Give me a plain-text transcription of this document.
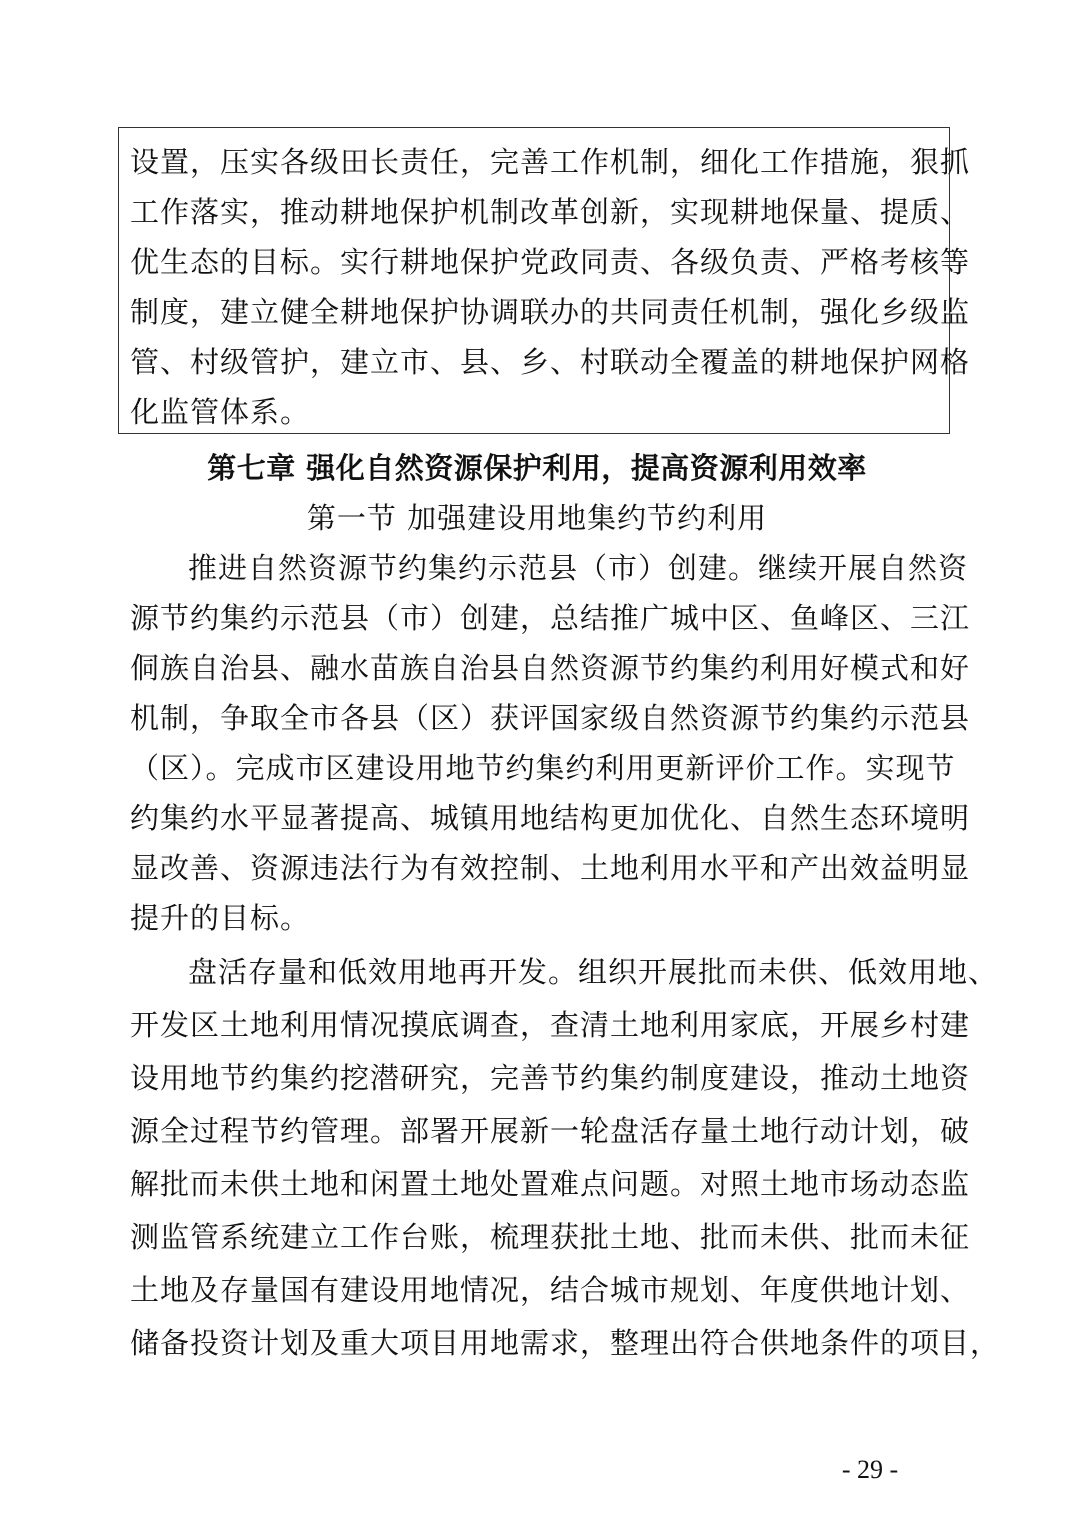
设置，压实各级田长责任，完善工作机制，细化工作措施，狠抓
工作落实，推动耕地保护机制改革创新，实现耕地保量、提质、
优生态的目标。实行耕地保护党政同责、各级负责、严格考核等
制度，建立健全耕地保护协调联办的共同责任机制，强化乡级监
管、村级管护，建立市、县、乡、村联动全覆盖的耕地保护网格
化监管体系。
第七章 强化自然资源保护利用，提高资源利用效率
第一节 加强建设用地集约节约利用
推进自然资源节约集约示范县（市）创建。继续开展自然资
源节约集约示范县（市）创建，总结推广城中区、鱼峰区、三江
侗族自治县、融水苗族自治县自然资源节约集约利用好模式和好
机制，争取全市各县（区）获评国家级自然资源节约集约示范县
（区）。完成市区建设用地节约集约利用更新评价工作。实现节
约集约水平显著提高、城镇用地结构更加优化、自然生态环境明
显改善、资源违法行为有效控制、土地利用水平和产出效益明显
提升的目标。
盘活存量和低效用地再开发。组织开展批而未供、低效用地、
开发区土地利用情况摸底调查，查清土地利用家底，开展乡村建
设用地节约集约挖潜研究，完善节约集约制度建设，推动土地资
源全过程节约管理。部署开展新一轮盘活存量土地行动计划，破
解批而未供土地和闲置土地处置难点问题。对照土地市场动态监
测监管系统建立工作台账，梳理获批土地、批而未供、批而未征
土地及存量国有建设用地情况，结合城市规划、年度供地计划、
储备投资计划及重大项目用地需求，整理出符合供地条件的项目，
- 29 -
